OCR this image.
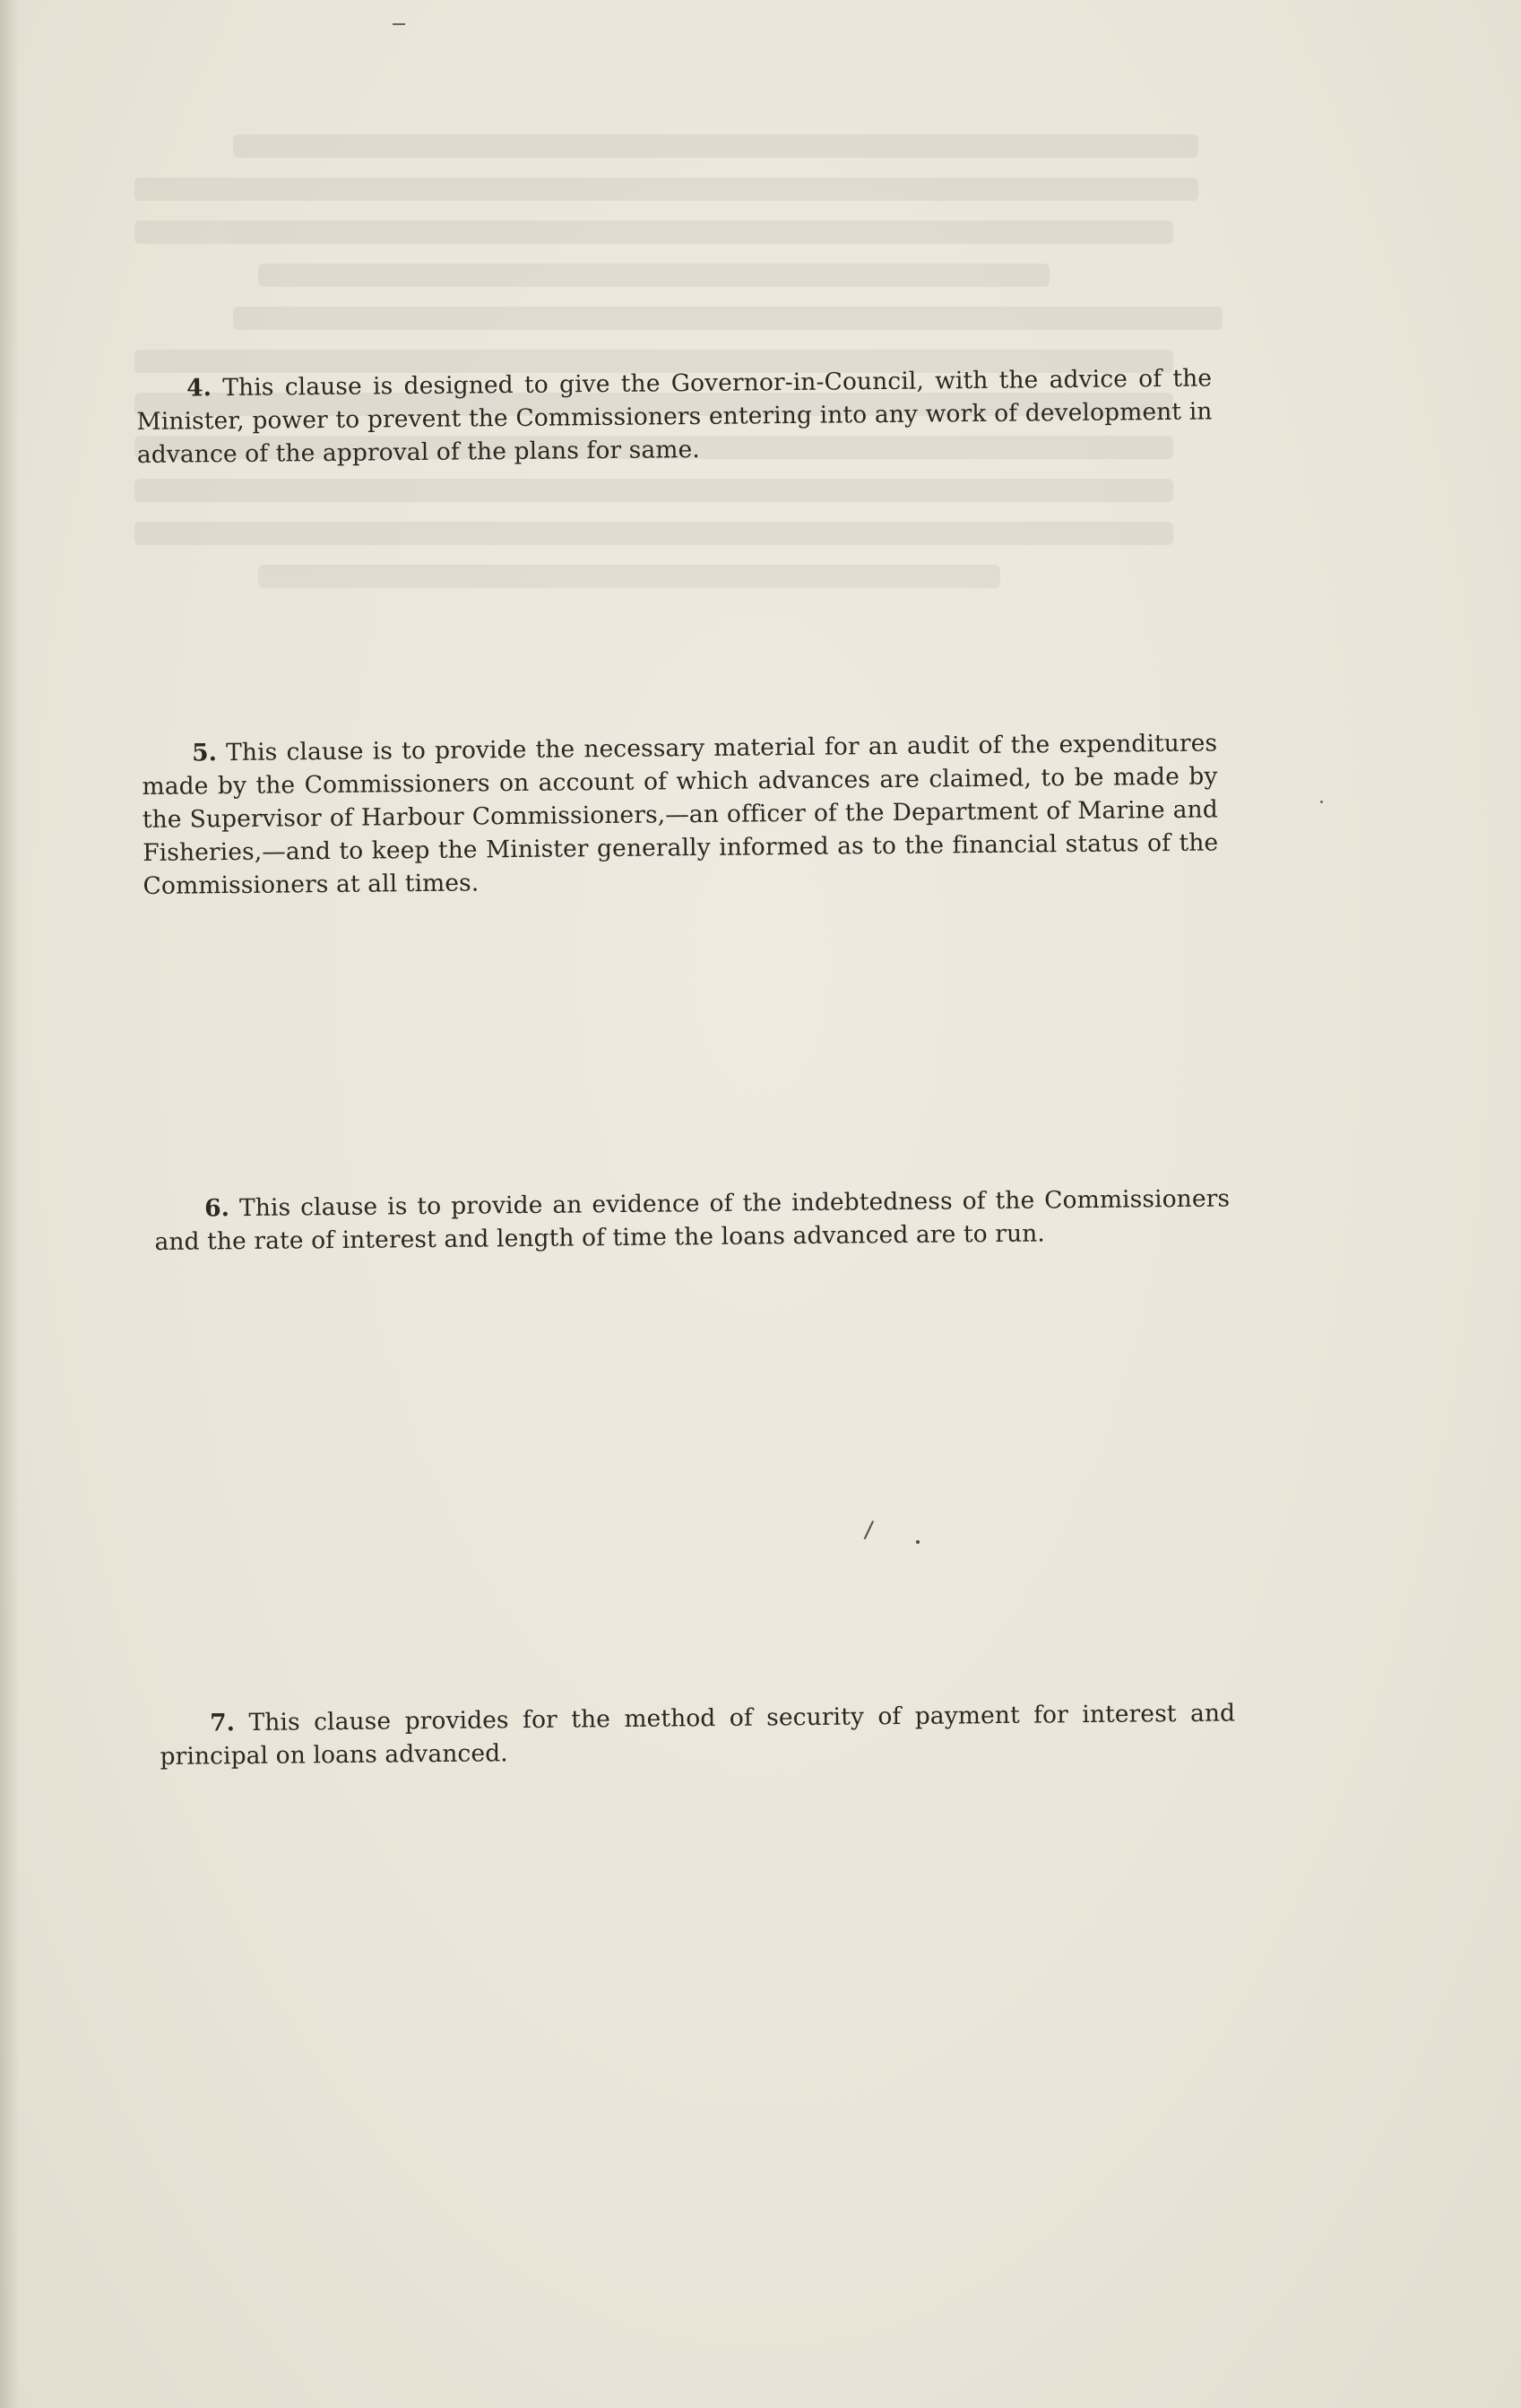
4. This clause is designed to give the Governor-in-Council, with the advice of the Minister, power to prevent the Commissioners entering into any work of development in advance of the approval of the plans for same.

5. This clause is to provide the necessary material for an audit of the expenditures made by the Commissioners on account of which advances are claimed, to be made by the Supervisor of Harbour Commissioners,—an officer of the Department of Marine and Fisheries,—and to keep the Minister generally informed as to the financial status of the Commissioners at all times.

6. This clause is to provide an evidence of the indebtedness of the Commissioners and the rate of interest and length of time the loans advanced are to run.

/

7. This clause provides for the method of security of payment for interest and principal on loans advanced.
